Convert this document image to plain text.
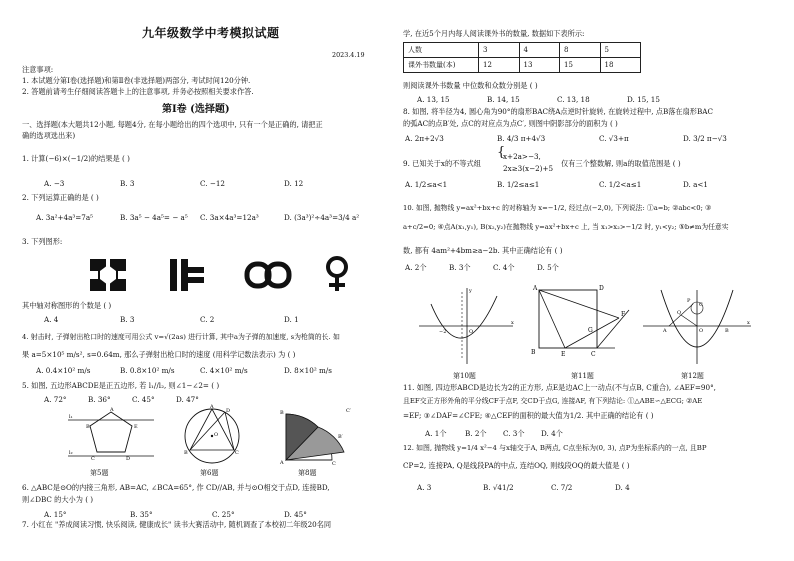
九年级数学中考模拟试题
2023.4.19
注意事项:
1. 本试题分第Ⅰ卷(选择题)和第Ⅱ卷(非选择题)两部分, 考试时间120分钟.
2. 答题前请考生仔细阅读答题卡上的注意事项, 并务必按照相关要求作答.
第Ⅰ卷 (选择题)
一、选择题(本大题共12小题, 每题4分, 在每小题给出的四个选项中, 只有一个是正确的, 请把正
确的选项选出来)
1. 计算(−6)×(−1/2)的结果是 ( )
A. −3	B. 3	C. −12	D. 12
2. 下列运算正确的是 ( )
A. 3a²+4a³=7a⁵	B. 3a⁵ − 4a⁵= − a⁵ C. 3a×4a³=12a³	D. (3a³)²÷4a³=3/4 a²
3. 下列图形:
其中轴对称图形的个数是 ( )
A. 4	B. 3	C. 2	D. 1
4. 射击时, 子弹射出枪口时的速度可用公式 v=√(2as) 进行计算, 其中a为子弹的加速度, s为枪筒的长. 如
果 a=5×10⁵ m/s², s=0.64m, 那么子弹射出枪口时的速度 (用科学记数法表示) 为 ( )
A. 0.4×10² m/s	B. 0.8×10² m/s	C. 4×10² m/s	D. 8×10² m/s
5. 如图, 五边形ABCDE是正五边形, 若 l₁//l₂, 则∠1−∠2= ( )
A. 72°	B. 36°	C. 45°	D. 47°
A
B
C	D
E
l₁
l₂
第5题
O
A
B	C
D
第6题
C′
B′
B
A	C
第8题
6. △ABC是⊙O的内接三角形, AB=AC, ∠BCA=65°, 作 CD//AB, 并与⊙O相交于点D, 连接BD,
则∠DBC 的大小为 ( )
A. 15°	B. 35°	C. 25°	D. 45°
7. 小红在 "养成阅读习惯, 快乐阅读, 健康成长" 读书大赛活动中, 随机调查了本校初二年级20名同
学, 在近5个月内每人阅读课外书的数量, 数据如下表所示:
人数	3	4	8	5
课外书数量(本)	12	13	15	18
则阅读课外书数量 中位数和众数分别是 ( )
A. 13, 15	B. 14, 15	C. 13, 18	D. 15, 15
8. 如图, 将半径为4, 圆心角为90°的扇形BAC绕A点逆时针旋转, 在旋转过程中, 点B落在扇形BAC
的弧AC的点B′处, 点C的对应点为点C′, 则图中阴影部分的面积为 ( )
A. 2π+2√3	B. 4/3 π+4√3	C. √3+π	D. 3/2 π−√3
9. 已知关于x的不等式组
{
x+2a>−3,
2x≥3(x−2)+5
仅有三个整数解, 则a的取值范围是 ( )
A. 1/2≤a<1	B. 1/2≤a≤1	C. 1/2<a≤1	D. a<1
10. 如图, 抛物线 y=ax²+bx+c 的对称轴为 x=−1/2, 经过点(−2,0), 下列说法: ①a=b; ②abc<0; ③
a+c/2=0; ④点A(x₁,y₁), B(x₂,y₂)在抛物线 y=ax²+bx+c 上, 当 x₁>x₂>−1/2 时, y₁<y₂; ⑤b≠m为任意实
数, 都有 4am²+4bm≥a−2b. 其中正确结论有 ( )
A. 2个	B. 3个	C. 4个	D. 5个
−2	O
x
y
第10题
A	D
B	E	C
G
F
第11题
A	B
O
C
P
Q
x
第12题
11. 如图, 四边形ABCD是边长为2的正方形, 点E是边AC上一动点(不与点B, C重合), ∠AEF=90°,
且EF交正方形外角的平分线CF于点F, 交CD于点G, 连接AF, 有下列结论: ①△ABE∽△ECG; ②AE
=EF; ③∠DAF=∠CFE; ④△CEF的面积的最大值为1/2. 其中正确的结论有 ( )
A. 1个	B. 2个 C. 3个 D. 4个
12. 如图, 抛物线 y=1/4 x²−4 与x轴交于A, B两点, C点坐标为(0, 3), 点P为坐标系内的一点, 且BP
CP=2, 连接PA, Q是线段PA的中点, 连结OQ, 则线段OQ的最大值是 ( )
A. 3	B. √41/2	C. 7/2	D. 4
